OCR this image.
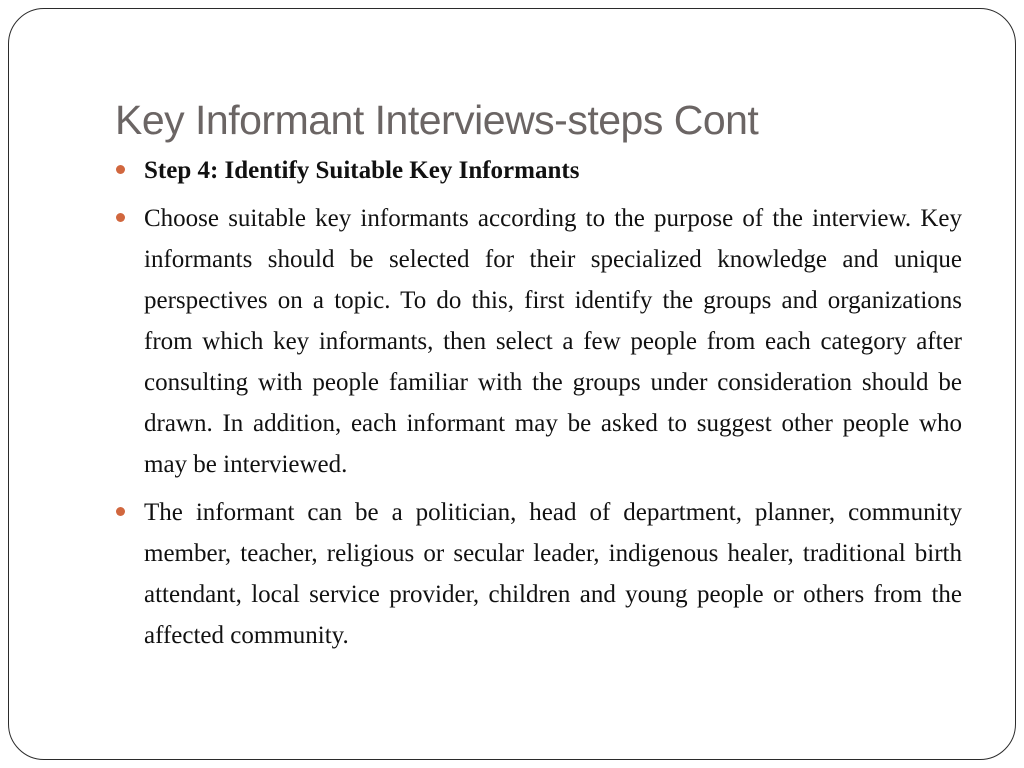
Key Informant Interviews-steps Cont
Step 4: Identify Suitable Key Informants
Choose suitable key informants according to the purpose of the interview. Key informants should be selected for their specialized knowledge and unique perspectives on a topic. To do this, first identify the groups and organizations from which key informants, then select a few people from each category after consulting with people familiar with the groups under consideration should be drawn. In addition, each informant may be asked to suggest other people who may be interviewed.
The informant can be a politician, head of department, planner, community member, teacher, religious or secular leader, indigenous healer, traditional birth attendant, local service provider, children and young people or others from the affected community.
